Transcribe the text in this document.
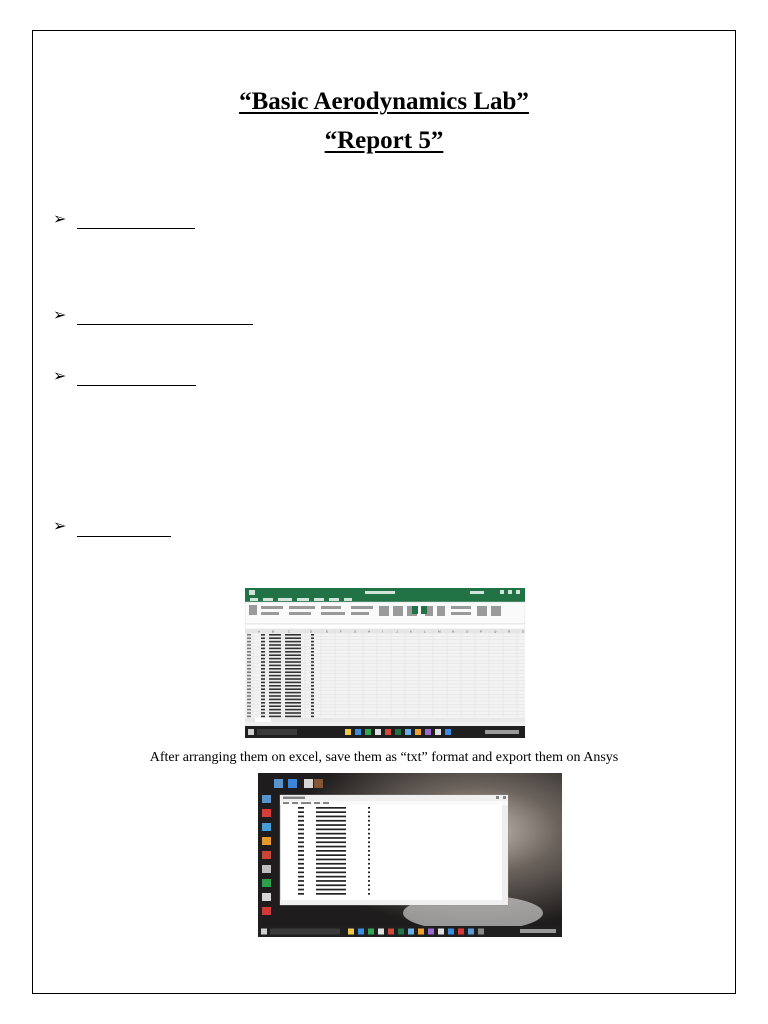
“Basic Aerodynamics Lab”
“Report 5”
➢
➢
➢
➢
A	B	C	D	E	F	G	H	I	J	K	L	M	N	O	P	Q	R	S
After arranging them on excel, save them as “txt” format and export them on Ansys
